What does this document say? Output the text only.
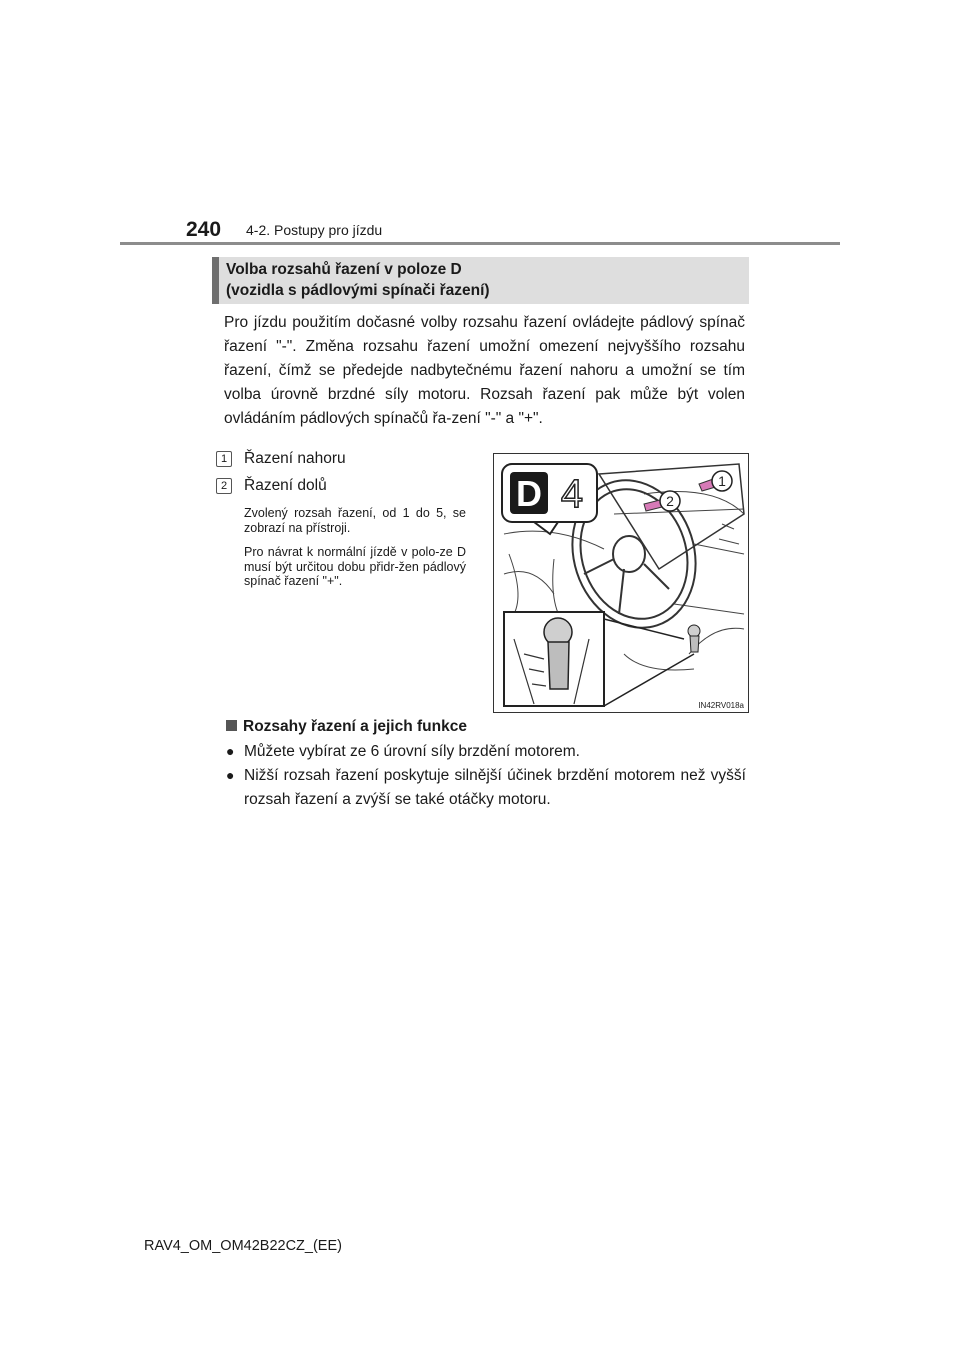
240 4-2. Postupy pro jízdu
Volba rozsahů řazení v poloze D
(vozidla s pádlovými spínači řazení)

Pro jízdu použitím dočasné volby rozsahu řazení ovládejte pádlový spínač řazení "-". Změna rozsahu řazení umožní omezení nejvyššího rozsahu řazení, čímž se předejde nadbytečnému řazení nahoru a umožní se tím volba úrovně brzdné síly motoru. Rozsah řazení pak může být volen ovládáním pádlových spínačů řa-zení "-" a "+".

1	Řazení nahoru
2	Řazení dolů

Zvolený rozsah řazení, od 1 do 5, se zobrazí na přístroji.

Pro návrat k normální jízdě v polo-ze D musí být určitou dobu přidr-žen pádlový spínač řazení "+".

D 4	1
2
IN42RV018a
Rozsahy řazení a jejich funkce
● Můžete vybírat ze 6 úrovní síly brzdění motorem.

● Nižší rozsah řazení poskytuje silnější účinek brzdění motorem než vyšší rozsah řazení a zvýší se také otáčky motoru.

RAV4_OM_OM42B22CZ_(EE)
